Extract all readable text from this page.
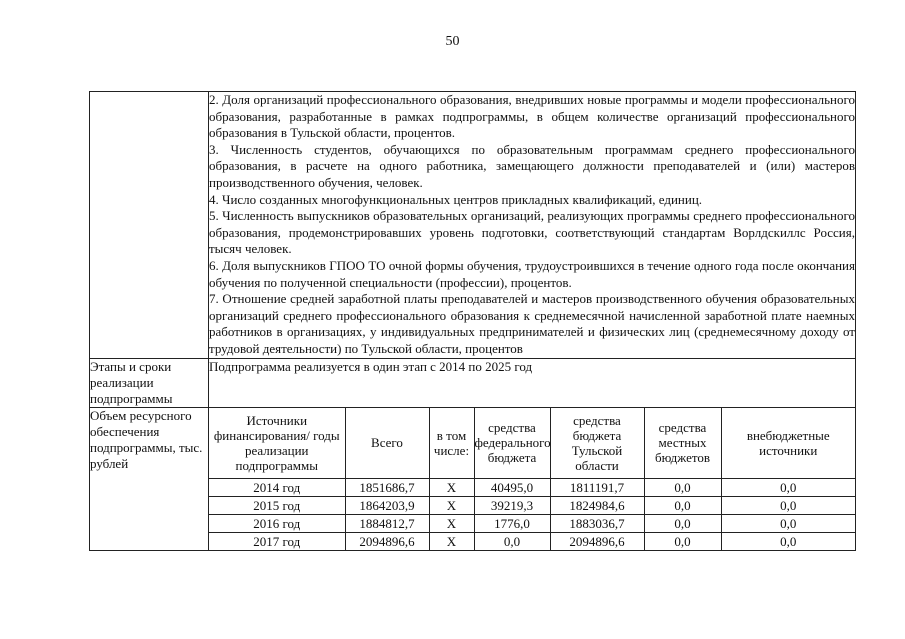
50

2. Доля организаций профессионального образования, внедривших новые программы и модели профессионального образования, разработанные в рамках подпрограммы, в общем количестве организаций профессионального образования в Тульской области, процентов.

3. Численность студентов, обучающихся по образовательным программам среднего профессионального образования, в расчете на одного работника, замещающего должности преподавателей и (или) мастеров производственного обучения, человек.

4. Число созданных многофункциональных центров прикладных квалификаций, единиц.

5. Численность выпускников образовательных организаций, реализующих программы среднего профессионального образования, продемонстрировавших уровень подготовки, соответствующий стандартам Ворлдскиллс Россия, тысяч человек.

6. Доля выпускников ГПОО ТО очной формы обучения, трудоустроившихся в течение одного года после окончания обучения по полученной специальности (профессии), процентов.

7. Отношение средней заработной платы преподавателей и мастеров производственного обучения образовательных организаций среднего профессионального образования к среднемесячной начисленной заработной плате наемных работников в организациях, у индивидуальных предпринимателей и физических лиц (среднемесячному доходу от трудовой деятельности) по Тульской области, процентов

Этапы и сроки реализации подпрограммы	Подпрограмма реализуется в один этап с 2014 по 2025 год
Объем ресурсного обеспечения подпрограммы, тыс. рублей	
Источники финансирования/ годы реализации подпрограммы	Всего	в том числе:	средства федерального бюджета	средства бюджета Тульской области	средства местных бюджетов	внебюджетные источники
2014 год	1851686,7	X	40495,0	1811191,7	0,0	0,0
2015 год	1864203,9	X	39219,3	1824984,6	0,0	0,0
2016 год	1884812,7	X	1776,0	1883036,7	0,0	0,0
2017 год	2094896,6	X	0,0	2094896,6	0,0	0,0
